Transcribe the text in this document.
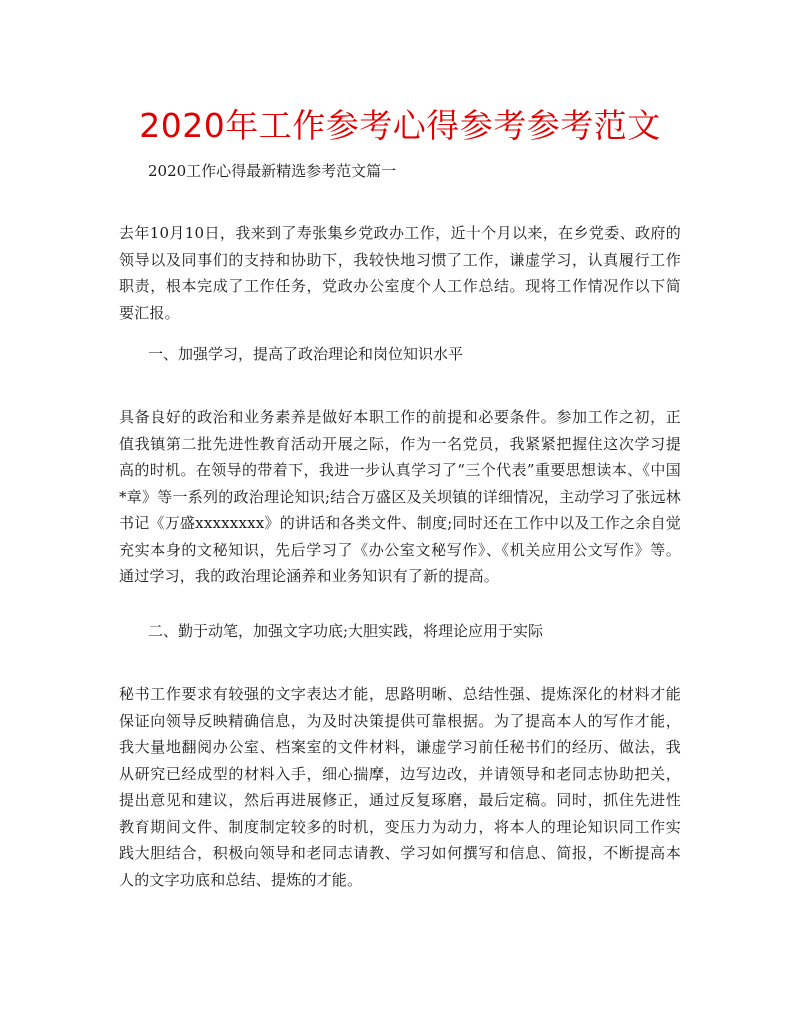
2020年工作参考心得参考参考范文
2020工作心得最新精选参考范文篇一
去年10月10日，我来到了寿张集乡党政办工作，近十个月以来，在乡党委、政府的领导以及同事们的支持和协助下，我较快地习惯了工作，谦虚学习，认真履行工作职责，根本完成了工作任务，党政办公室度个人工作总结。现将工作情况作以下简要汇报。
一、加强学习，提高了政治理论和岗位知识水平
具备良好的政治和业务素养是做好本职工作的前提和必要条件。参加工作之初，正值我镇第二批先进性教育活动开展之际，作为一名党员，我紧紧把握住这次学习提高的时机。在领导的带着下，我进一步认真学习了“三个代表”重要思想读本、《中国*章》等一系列的政治理论知识;结合万盛区及关坝镇的详细情况，主动学习了张远林书记《万盛xxxxxxxx》的讲话和各类文件、制度;同时还在工作中以及工作之余自觉充实本身的文秘知识，先后学习了《办公室文秘写作》、《机关应用公文写作》等。通过学习，我的政治理论涵养和业务知识有了新的提高。
二、勤于动笔，加强文字功底;大胆实践，将理论应用于实际
秘书工作要求有较强的文字表达才能，思路明晰、总结性强、提炼深化的材料才能保证向领导反映精确信息，为及时决策提供可靠根据。为了提高本人的写作才能，我大量地翻阅办公室、档案室的文件材料，谦虚学习前任秘书们的经历、做法，我从研究已经成型的材料入手，细心揣摩，边写边改，并请领导和老同志协助把关，提出意见和建议，然后再进展修正，通过反复琢磨，最后定稿。同时，抓住先进性教育期间文件、制度制定较多的时机，变压力为动力，将本人的理论知识同工作实践大胆结合，积极向领导和老同志请教、学习如何撰写和信息、简报，不断提高本人的文字功底和总结、提炼的才能。
